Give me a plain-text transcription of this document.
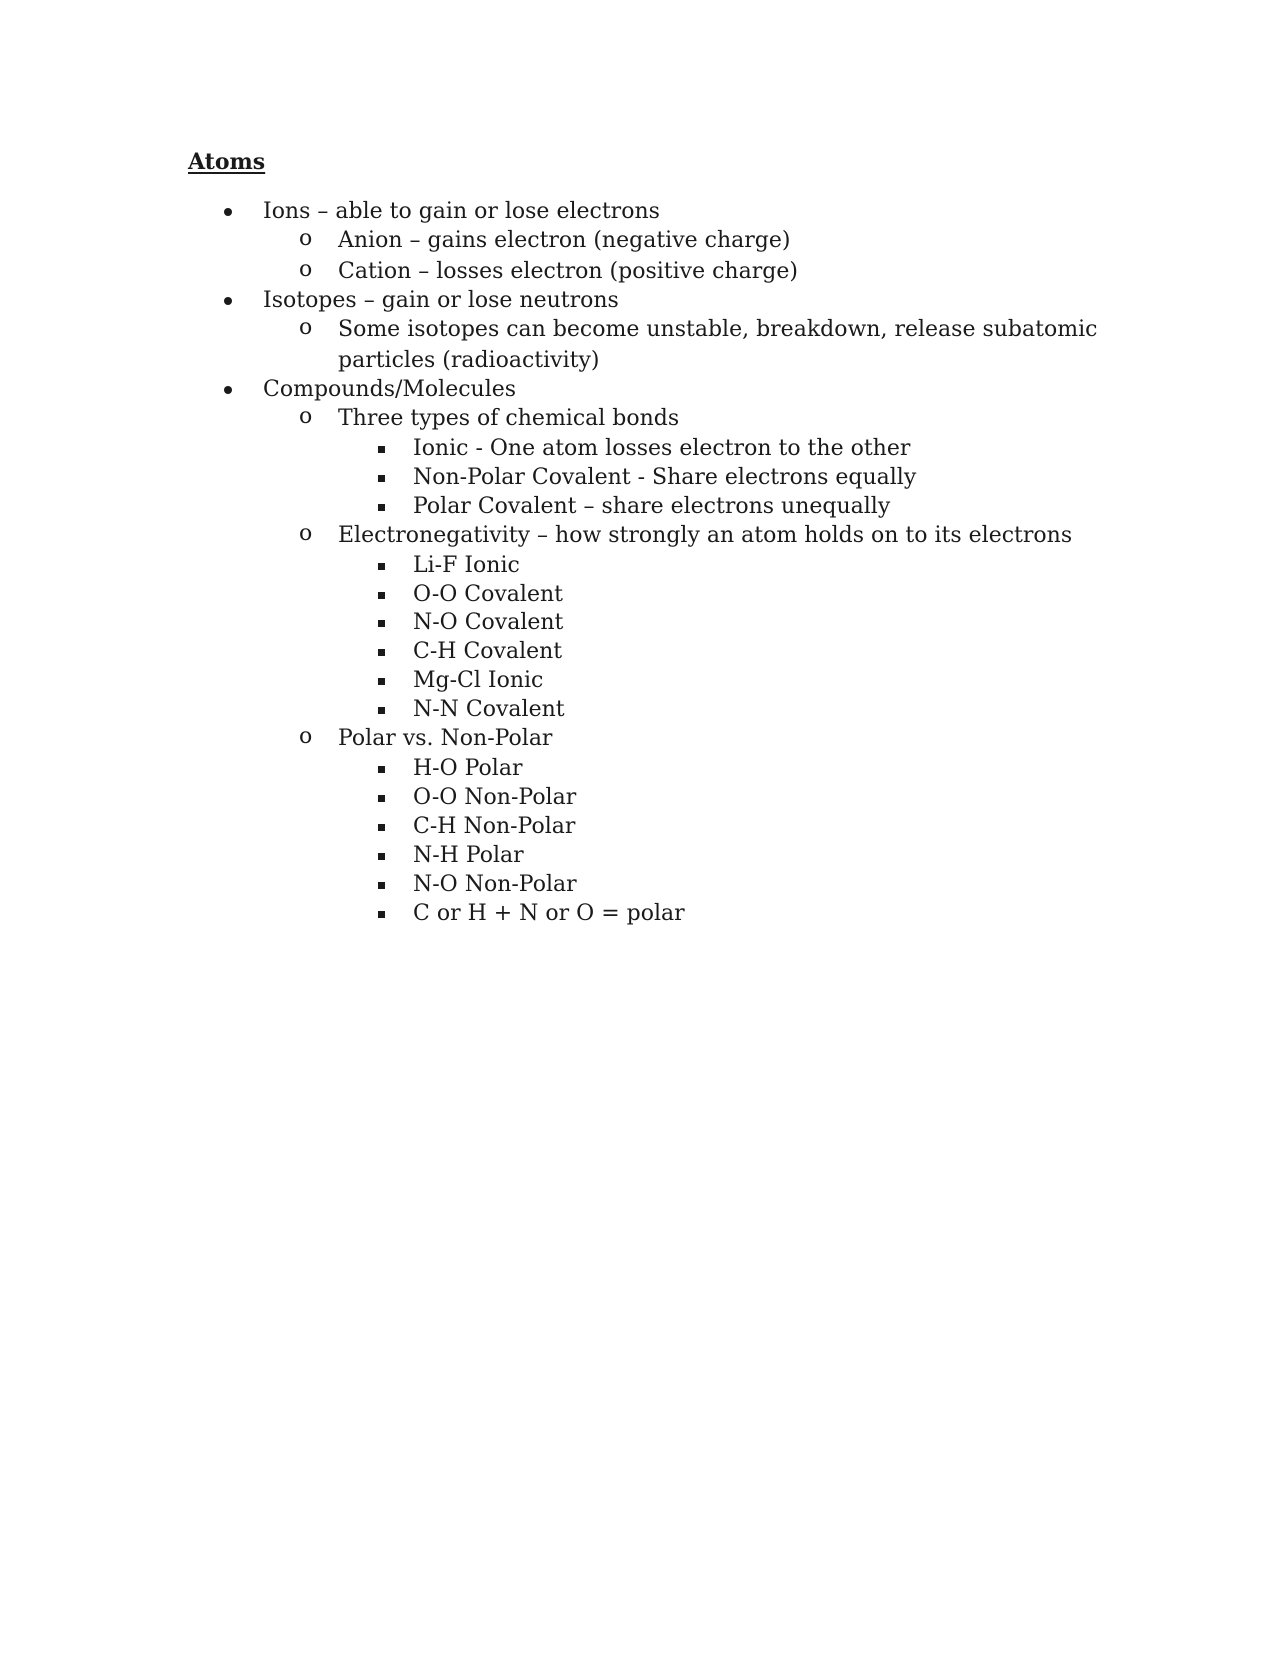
Atoms
Ions – able to gain or lose electrons
Anion – gains electron (negative charge)
o
Cation – losses electron (positive charge)
o
Isotopes – gain or lose neutrons
Some isotopes can become unstable, breakdown, release subatomic
o
particles (radioactivity)
Compounds/Molecules
Three types of chemical bonds
o
Ionic - One atom losses electron to the other
Non-Polar Covalent - Share electrons equally
Polar Covalent – share electrons unequally
Electronegativity – how strongly an atom holds on to its electrons
o
Li-F Ionic
O-O Covalent
N-O Covalent
C-H Covalent
Mg-Cl Ionic
N-N Covalent
Polar vs. Non-Polar
o
H-O Polar
O-O Non-Polar
C-H Non-Polar
N-H Polar
N-O Non-Polar
C or H + N or O = polar
